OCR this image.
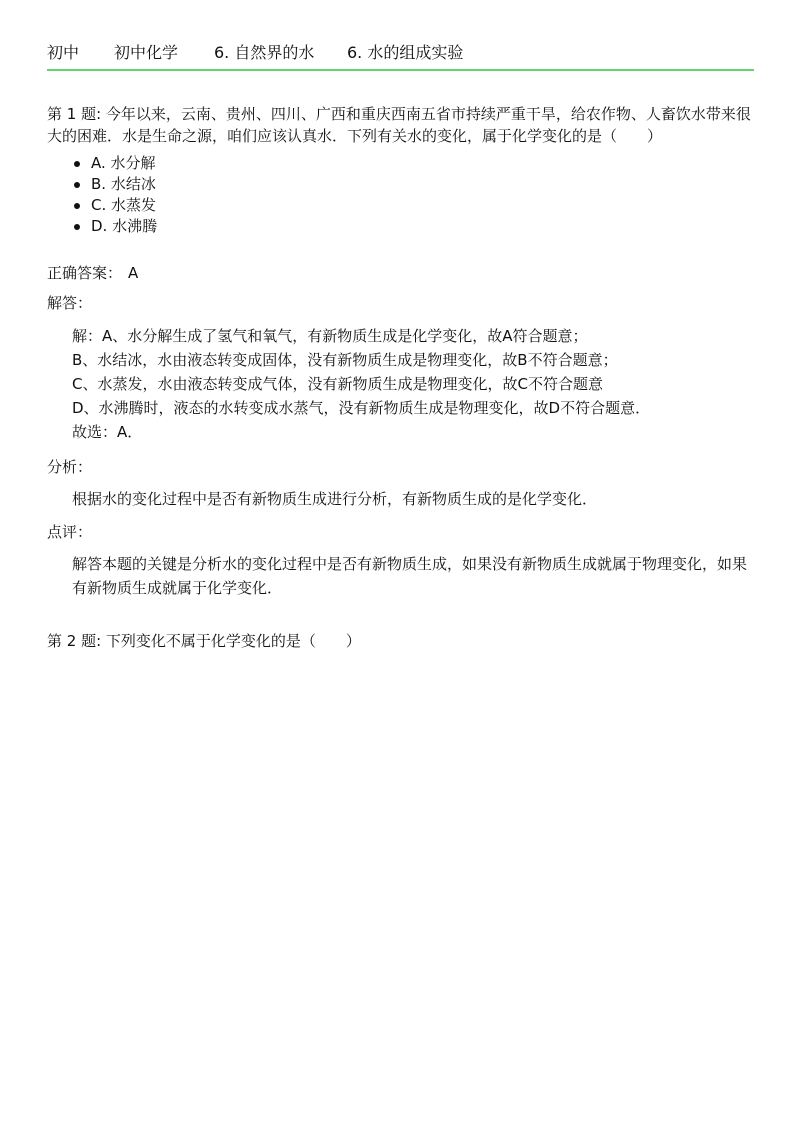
初中 初中化学 6. 自然界的水 6. 水的组成实验

第 1 题: 今年以来，云南、贵州、四川、广西和重庆西南五省市持续严重干旱，给农作物、人畜饮水带来很大的困难．水是生命之源，咱们应该认真水．下列有关水的变化，属于化学变化的是（　　）

A. 水分解
B. 水结冰
C. 水蒸发
D. 水沸腾
正确答案： A
解答：

解：A、水分解生成了氢气和氧气，有新物质生成是化学变化，故A符合题意；

B、水结冰，水由液态转变成固体，没有新物质生成是物理变化，故B不符合题意；

C、水蒸发，水由液态转变成气体，没有新物质生成是物理变化，故C不符合题意

D、水沸腾时，液态的水转变成水蒸气，没有新物质生成是物理变化，故D不符合题意．

故选：A．

分析：
根据水的变化过程中是否有新物质生成进行分析，有新物质生成的是化学变化．
点评：
解答本题的关键是分析水的变化过程中是否有新物质生成，如果没有新物质生成就属于物理变化，如果有新物质生成就属于化学变化．
第 2 题: 下列变化不属于化学变化的是（　　）
